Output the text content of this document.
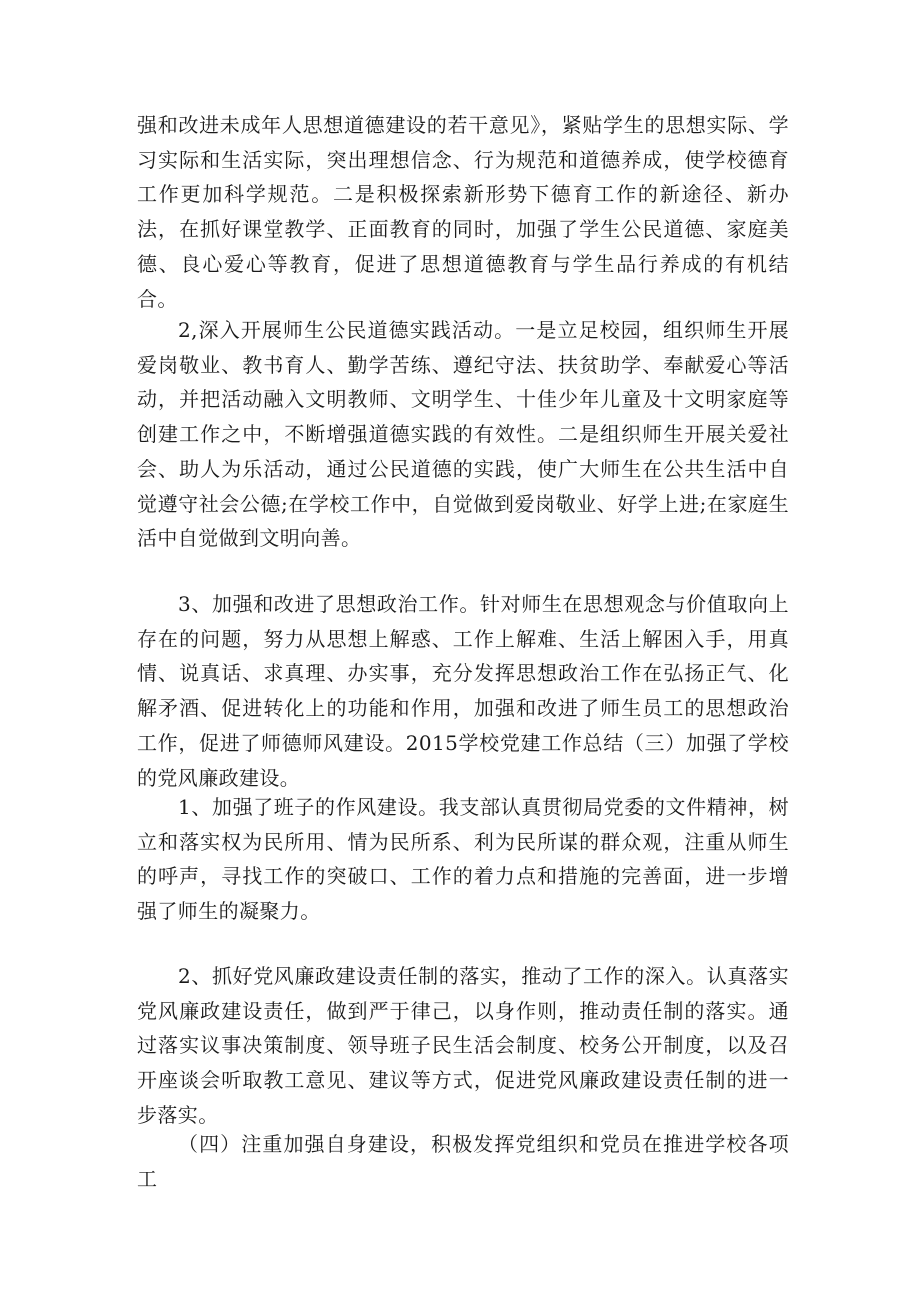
强和改进未成年人思想道德建设的若干意见》，紧贴学生的思想实际、学习实际和生活实际，突出理想信念、行为规范和道德养成，使学校德育工作更加科学规范。二是积极探索新形势下德育工作的新途径、新办法，在抓好课堂教学、正面教育的同时，加强了学生公民道德、家庭美德、良心爱心等教育，促进了思想道德教育与学生品行养成的有机结合。

2,深入开展师生公民道德实践活动。一是立足校园，组织师生开展爱岗敬业、教书育人、勤学苦练、遵纪守法、扶贫助学、奉献爱心等活动，并把活动融入文明教师、文明学生、十佳少年儿童及十文明家庭等创建工作之中，不断增强道德实践的有效性。二是组织师生开展关爱社会、助人为乐活动，通过公民道德的实践，使广大师生在公共生活中自觉遵守社会公德;在学校工作中，自觉做到爱岗敬业、好学上进;在家庭生活中自觉做到文明向善。

3、加强和改进了思想政治工作。针对师生在思想观念与价值取向上存在的问题，努力从思想上解惑、工作上解难、生活上解困入手，用真情、说真话、求真理、办实事，充分发挥思想政治工作在弘扬正气、化解矛酒、促进转化上的功能和作用，加强和改进了师生员工的思想政治工作，促进了师德师风建设。2015学校党建工作总结（三）加强了学校的党风廉政建设。

1、加强了班子的作风建设。我支部认真贯彻局党委的文件精神，树立和落实权为民所用、情为民所系、利为民所谋的群众观，注重从师生的呼声，寻找工作的突破口、工作的着力点和措施的完善面，进一步增强了师生的凝聚力。

2、抓好党风廉政建设责任制的落实，推动了工作的深入。认真落实党风廉政建设责任，做到严于律己，以身作则，推动责任制的落实。通过落实议事决策制度、领导班子民生活会制度、校务公开制度，以及召开座谈会听取教工意见、建议等方式，促进党风廉政建设责任制的进一步落实。

（四）注重加强自身建设，积极发挥党组织和党员在推进学校各项工
